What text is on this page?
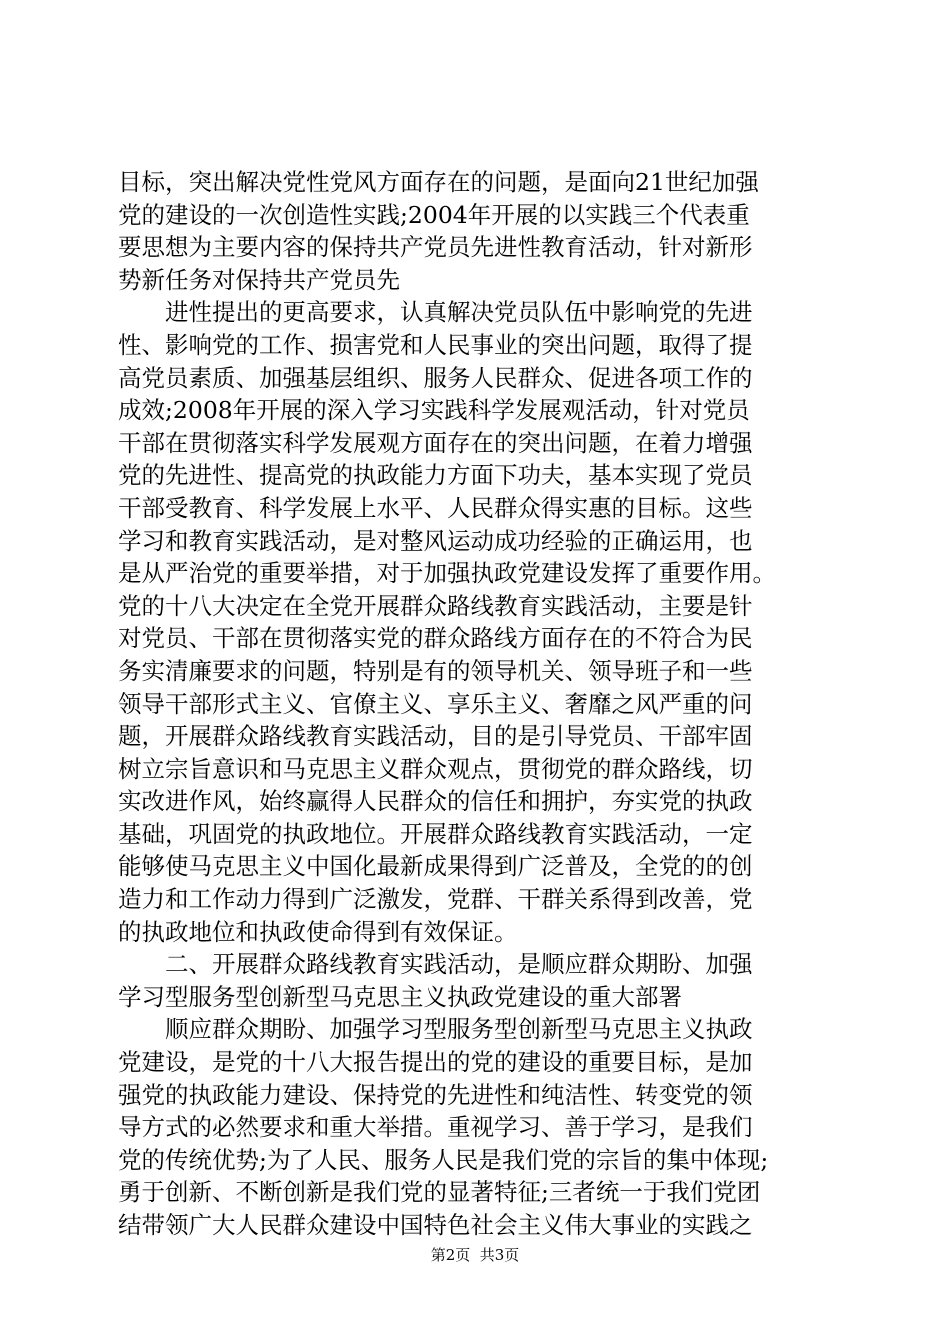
目标，突出解决党性党风方面存在的问题，是面向21世纪加强
党的建设的一次创造性实践;2004年开展的以实践三个代表重
要思想为主要内容的保持共产党员先进性教育活动，针对新形
势新任务对保持共产党员先
进性提出的更高要求，认真解决党员队伍中影响党的先进
性、影响党的工作、损害党和人民事业的突出问题，取得了提
高党员素质、加强基层组织、服务人民群众、促进各项工作的
成效;2008年开展的深入学习实践科学发展观活动，针对党员
干部在贯彻落实科学发展观方面存在的突出问题，在着力增强
党的先进性、提高党的执政能力方面下功夫，基本实现了党员
干部受教育、科学发展上水平、人民群众得实惠的目标。这些
学习和教育实践活动，是对整风运动成功经验的正确运用，也
是从严治党的重要举措，对于加强执政党建设发挥了重要作用。
党的十八大决定在全党开展群众路线教育实践活动，主要是针
对党员、干部在贯彻落实党的群众路线方面存在的不符合为民
务实清廉要求的问题，特别是有的领导机关、领导班子和一些
领导干部形式主义、官僚主义、享乐主义、奢靡之风严重的问
题，开展群众路线教育实践活动，目的是引导党员、干部牢固
树立宗旨意识和马克思主义群众观点，贯彻党的群众路线，切
实改进作风，始终赢得人民群众的信任和拥护，夯实党的执政
基础，巩固党的执政地位。开展群众路线教育实践活动，一定
能够使马克思主义中国化最新成果得到广泛普及，全党的的创
造力和工作动力得到广泛激发，党群、干群关系得到改善，党
的执政地位和执政使命得到有效保证。
二、开展群众路线教育实践活动，是顺应群众期盼、加强
学习型服务型创新型马克思主义执政党建设的重大部署
顺应群众期盼、加强学习型服务型创新型马克思主义执政
党建设，是党的十八大报告提出的党的建设的重要目标，是加
强党的执政能力建设、保持党的先进性和纯洁性、转变党的领
导方式的必然要求和重大举措。重视学习、善于学习，是我们
党的传统优势;为了人民、服务人民是我们党的宗旨的集中体现;
勇于创新、不断创新是我们党的显著特征;三者统一于我们党团
结带领广大人民群众建设中国特色社会主义伟大事业的实践之
第2页  共3页
